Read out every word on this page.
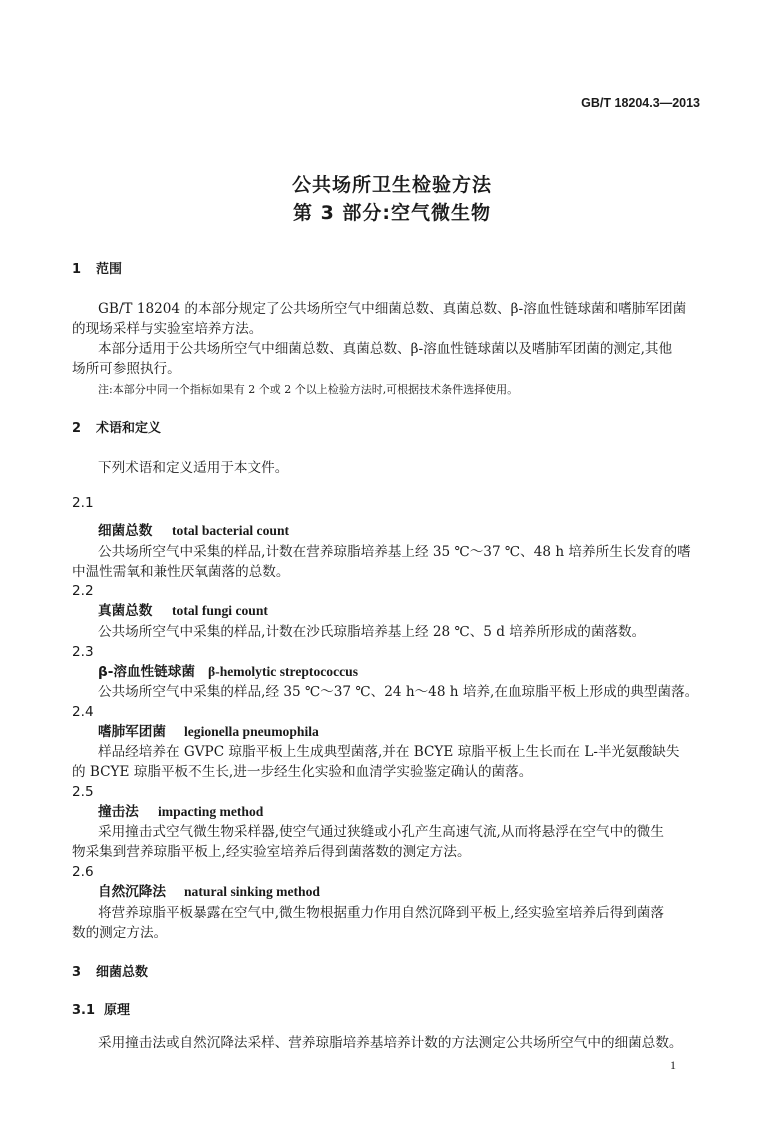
GB/T 18204.3—2013
公共场所卫生检验方法
第 3 部分:空气微生物
1 范围
GB/T 18204 的本部分规定了公共场所空气中细菌总数、真菌总数、β-溶血性链球菌和嗜肺军团菌
的现场采样与实验室培养方法。
本部分适用于公共场所空气中细菌总数、真菌总数、β-溶血性链球菌以及嗜肺军团菌的测定,其他
场所可参照执行。
注:本部分中同一个指标如果有 2 个或 2 个以上检验方法时,可根据技术条件选择使用。
2 术语和定义
下列术语和定义适用于本文件。
2.1
细菌总数 total bacterial count
公共场所空气中采集的样品,计数在营养琼脂培养基上经 35 ℃～37 ℃、48 h 培养所生长发育的嗜
中温性需氧和兼性厌氧菌落的总数。
2.2
真菌总数 total fungi count
公共场所空气中采集的样品,计数在沙氏琼脂培养基上经 28 ℃、5 d 培养所形成的菌落数。
2.3
β-溶血性链球菌 β-hemolytic streptococcus
公共场所空气中采集的样品,经 35 ℃～37 ℃、24 h～48 h 培养,在血琼脂平板上形成的典型菌落。
2.4
嗜肺军团菌 legionella pneumophila
样品经培养在 GVPC 琼脂平板上生成典型菌落,并在 BCYE 琼脂平板上生长而在 L-半光氨酸缺失
的 BCYE 琼脂平板不生长,进一步经生化实验和血清学实验鉴定确认的菌落。
2.5
撞击法 impacting method
采用撞击式空气微生物采样器,使空气通过狭缝或小孔产生高速气流,从而将悬浮在空气中的微生
物采集到营养琼脂平板上,经实验室培养后得到菌落数的测定方法。
2.6
自然沉降法 natural sinking method
将营养琼脂平板暴露在空气中,微生物根据重力作用自然沉降到平板上,经实验室培养后得到菌落
数的测定方法。
3 细菌总数
3.1 原理
采用撞击法或自然沉降法采样、营养琼脂培养基培养计数的方法测定公共场所空气中的细菌总数。
1
